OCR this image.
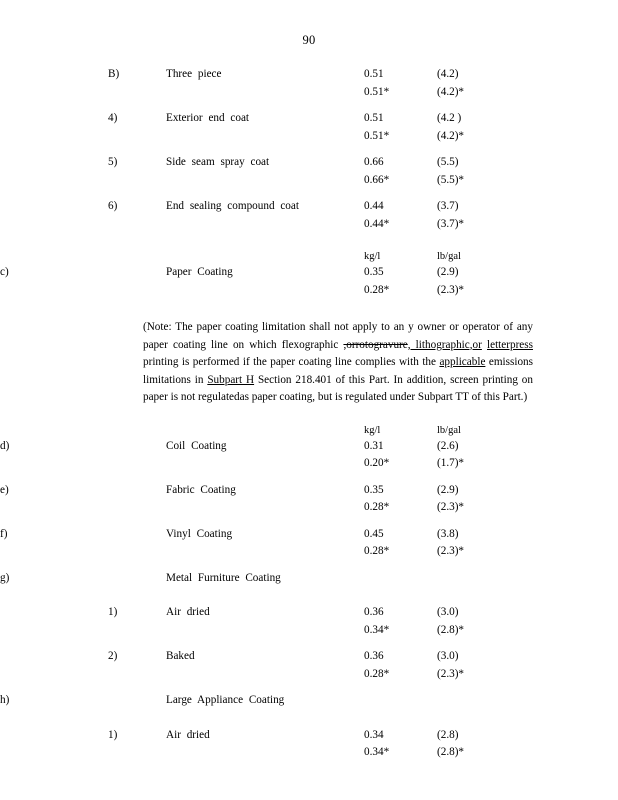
90
B)	Three piece	0.51	(4.2)
0.51*	(4.2)*
4)	Exterior end coat	0.51	(4.2 )
0.51*	(4.2)*
5)	Side seam spray coat	0.66	(5.5)
0.66*	(5.5)*
6)	End sealing compound coat	0.44	(3.7)
0.44*	(3.7)*
kg/l	lb/gal
c)	Paper Coating	0.35	(2.9)
0.28*	(2.3)*
(Note: The paper coating limitation shall not apply to an y owner or operator of any paper coating line on which flexographic ,orrotogravure, lithographic,or letterpress printing is performed if the paper coating line complies with the applicable emissions limitations in Subpart H Section 218.401 of this Part. In addition, screen printing on paper is not regulatedas paper coating, but is regulated under Subpart TT of this Part.)
kg/l	lb/gal
d)	Coil Coating	0.31	(2.6)
0.20*	(1.7)*
e)	Fabric Coating	0.35	(2.9)
0.28*	(2.3)*
f)	Vinyl Coating	0.45	(3.8)
0.28*	(2.3)*
g)	Metal Furniture Coating
1)	Air dried	0.36	(3.0)
0.34*	(2.8)*
2)	Baked	0.36	(3.0)
0.28*	(2.3)*
h)	Large Appliance Coating
1)	Air dried	0.34	(2.8)
0.34*	(2.8)*
